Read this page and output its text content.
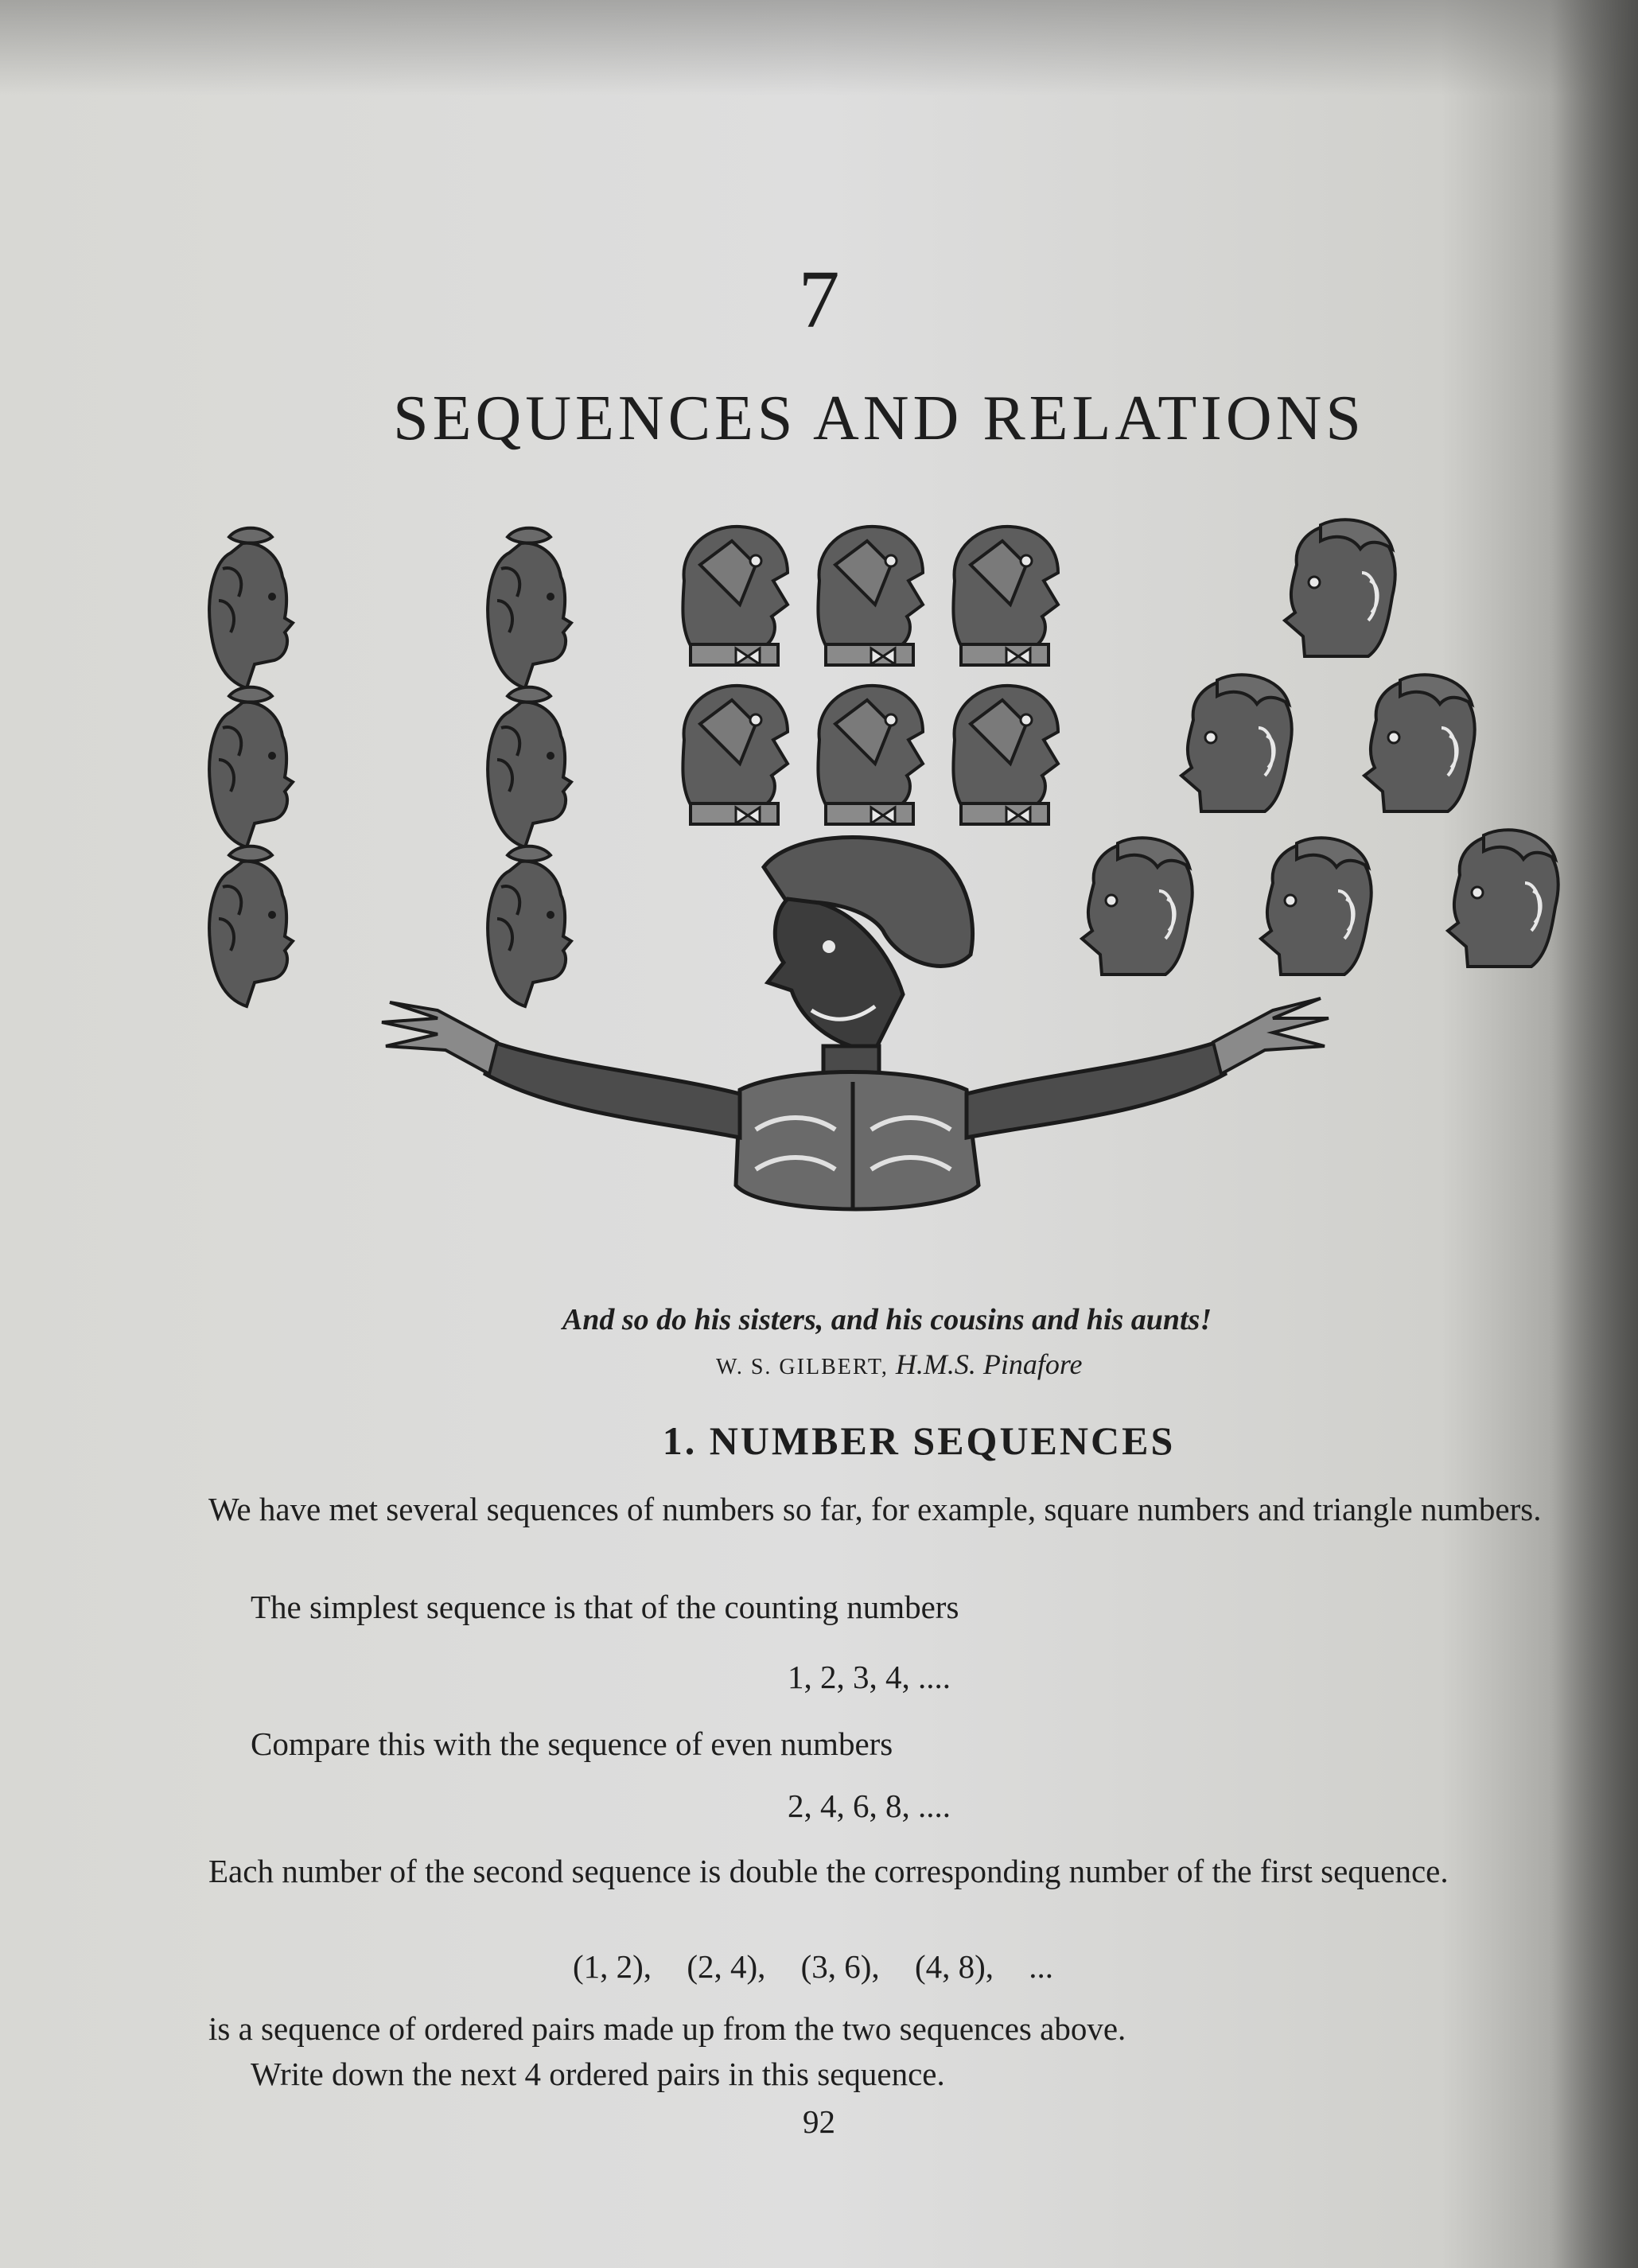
7
SEQUENCES AND RELATIONS
And so do his sisters, and his cousins and his aunts!
W. S. GILBERT, H.M.S. Pinafore
1. NUMBER SEQUENCES
We have met several sequences of numbers so far, for example, square numbers and triangle numbers.
The simplest sequence is that of the counting numbers
1, 2, 3, 4, ....
Compare this with the sequence of even numbers
2, 4, 6, 8, ....
Each number of the second sequence is double the corresponding number of the first sequence.
(1, 2), (2, 4), (3, 6), (4, 8), ...
is a sequence of ordered pairs made up from the two sequences above.
Write down the next 4 ordered pairs in this sequence.
92
